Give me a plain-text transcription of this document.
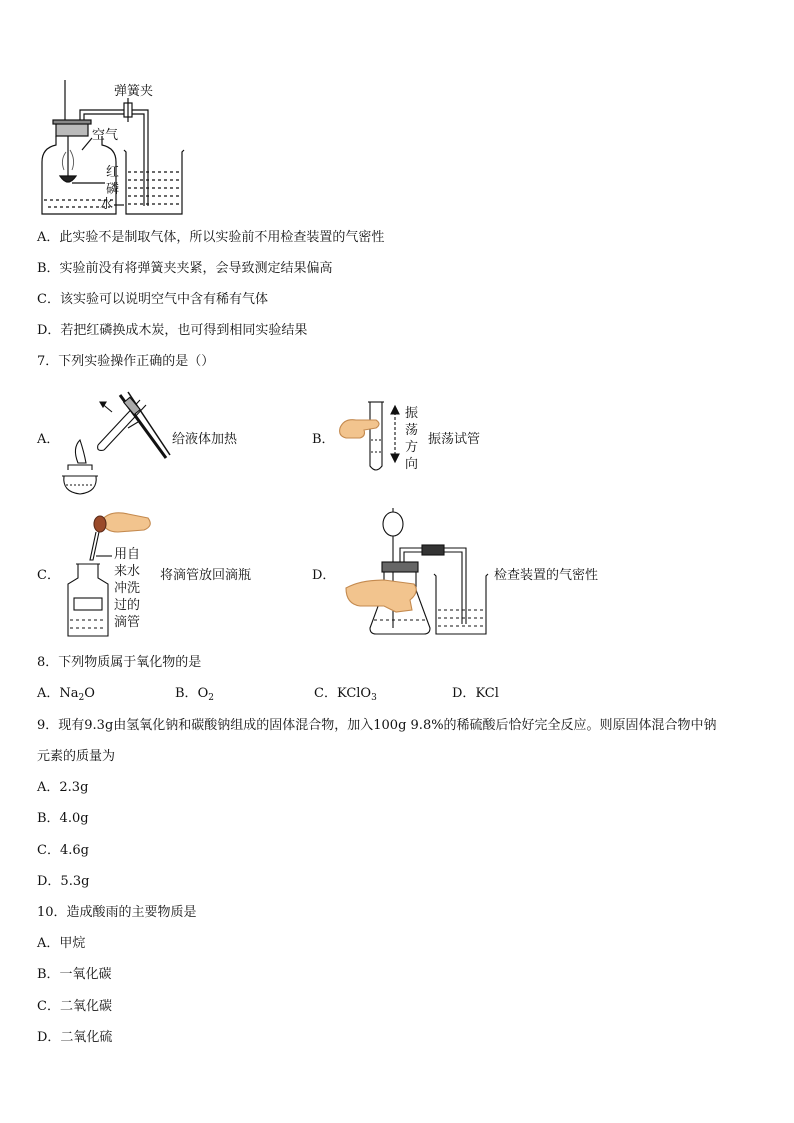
弹簧夹
空气
红
磷
水
A．此实验不是制取气体，所以实验前不用检查装置的气密性
B．实验前没有将弹簧夹夹紧，会导致测定结果偏高
C．该实验可以说明空气中含有稀有气体
D．若把红磷换成木炭，也可得到相同实验结果
7．下列实验操作正确的是（）
A．	给液体加热	B．
振
荡
方
向
振荡试管
C．
用自
来水
冲洗
过的
滴管
将滴管放回滴瓶	D．	检查装置的气密性
8．下列物质属于氧化物的是
A．$Na_2O$	B．$O_2$	C．KClO$_3$	D．KCl
9．现有9.3g由氢氧化钠和碳酸钠组成的固体混合物，加入100g 9.8%的稀硫酸后恰好完全反应。则原固体混合物中钠
元素的质量为
A．2.3g
B．4.0g
C．4.6g
D．5.3g
10．造成酸雨的主要物质是
A．甲烷
B．一氧化碳
C．二氧化碳
D．二氧化硫
